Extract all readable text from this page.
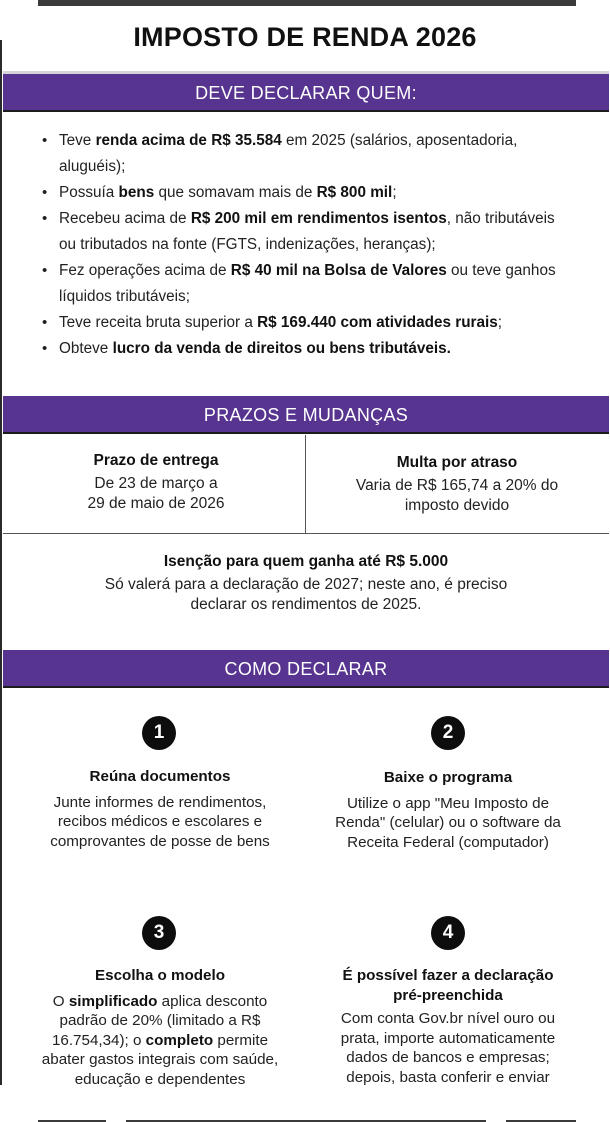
IMPOSTO DE RENDA 2026
DEVE DECLARAR QUEM:
• Teve renda acima de R$ 35.584 em 2025 (salários, aposentadoria, aluguéis);
• Possuía bens que somavam mais de R$ 800 mil;
• Recebeu acima de R$ 200 mil em rendimentos isentos, não tributáveis ou tributados na fonte (FGTS, indenizações, heranças);
• Fez operações acima de R$ 40 mil na Bolsa de Valores ou teve ganhos líquidos tributáveis;
• Teve receita bruta superior a R$ 169.440 com atividades rurais;
• Obteve lucro da venda de direitos ou bens tributáveis.
PRAZOS E MUDANÇAS
Prazo de entrega
De 23 de março a
29 de maio de 2026
Multa por atraso
Varia de R$ 165,74 a 20% do
imposto devido
Isenção para quem ganha até R$ 5.000
Só valerá para a declaração de 2027; neste ano, é preciso
declarar os rendimentos de 2025.
COMO DECLARAR
1
Reúna documentos
Junte informes de rendimentos,
recibos médicos e escolares e
comprovantes de posse de bens
2
Baixe o programa
Utilize o app "Meu Imposto de
Renda" (celular) ou o software da
Receita Federal (computador)
3
Escolha o modelo
O simplificado aplica desconto
padrão de 20% (limitado a R$
16.754,34); o completo permite
abater gastos integrais com saúde,
educação e dependentes
4
É possível fazer a declaração
pré-preenchida
Com conta Gov.br nível ouro ou
prata, importe automaticamente
dados de bancos e empresas;
depois, basta conferir e enviar
